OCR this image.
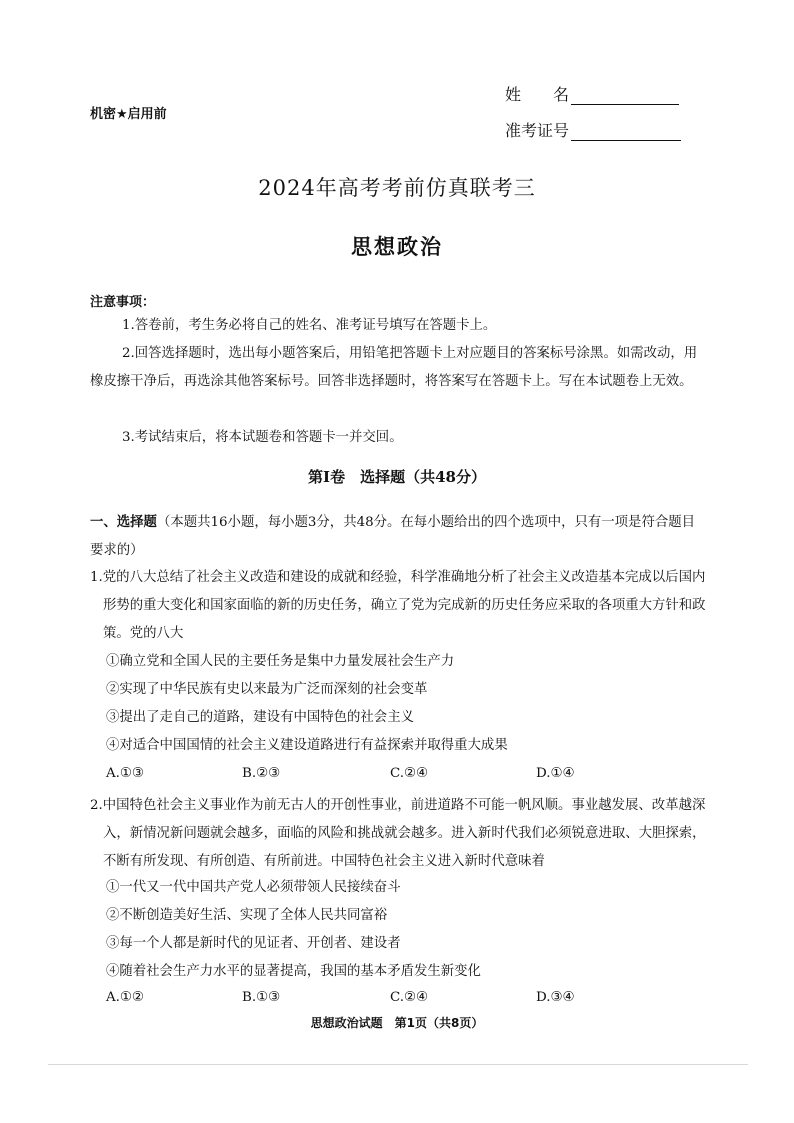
机密★启用前
姓　　名
准考证号
2024年高考考前仿真联考三
思想政治
注意事项：
1.答卷前，考生务必将自己的姓名、准考证号填写在答题卡上。
2.回答选择题时，选出每小题答案后，用铅笔把答题卡上对应题目的答案标号涂黑。如需改动，用橡皮擦干净后，再选涂其他答案标号。回答非选择题时，将答案写在答题卡上。写在本试题卷上无效。
3.考试结束后，将本试题卷和答题卡一并交回。
第Ⅰ卷　选择题（共48分）
一、选择题（本题共16小题，每小题3分，共48分。在每小题给出的四个选项中，只有一项是符合题目要求的）
1.党的八大总结了社会主义改造和建设的成就和经验，科学准确地分析了社会主义改造基本完成以后国内形势的重大变化和国家面临的新的历史任务，确立了党为完成新的历史任务应采取的各项重大方针和政策。党的八大
①确立党和全国人民的主要任务是集中力量发展社会生产力
②实现了中华民族有史以来最为广泛而深刻的社会变革
③提出了走自己的道路，建设有中国特色的社会主义
④对适合中国国情的社会主义建设道路进行有益探索并取得重大成果
A.①③	B.②③	C.②④	D.①④
2.中国特色社会主义事业作为前无古人的开创性事业，前进道路不可能一帆风顺。事业越发展、改革越深入，新情况新问题就会越多，面临的风险和挑战就会越多。进入新时代我们必须锐意进取、大胆探索，不断有所发现、有所创造、有所前进。中国特色社会主义进入新时代意味着
①一代又一代中国共产党人必须带领人民接续奋斗
②不断创造美好生活、实现了全体人民共同富裕
③每一个人都是新时代的见证者、开创者、建设者
④随着社会生产力水平的显著提高，我国的基本矛盾发生新变化
A.①②	B.①③	C.②④	D.③④
思想政治试题　第1页（共8页）
